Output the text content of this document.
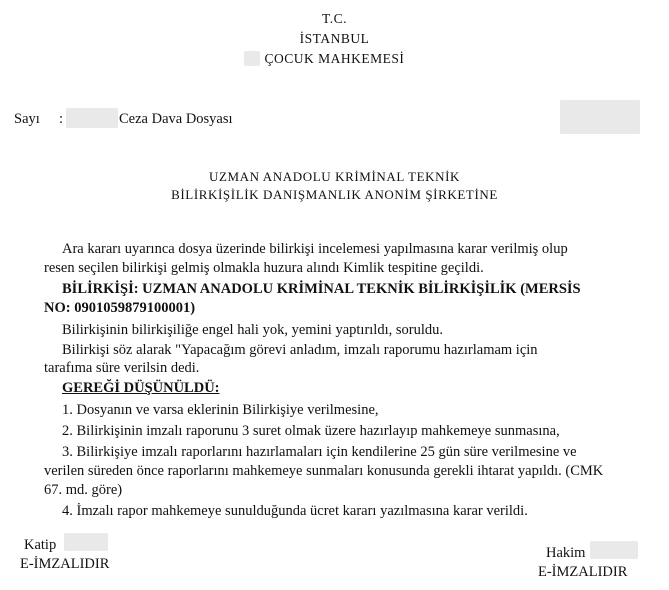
T.C.
İSTANBUL
ÇOCUK MAHKEMESİ
Sayı :	Ceza Dava Dosyası
UZMAN ANADOLU KRİMİNAL TEKNİK
BİLİRKİŞİLİK DANIŞMANLIK ANONİM ŞİRKETİNE
Ara kararı uyarınca dosya üzerinde bilirkişi incelemesi yapılmasına karar verilmiş olup
resen seçilen bilirkişi gelmiş olmakla huzura alındı Kimlik tespitine geçildi.
BİLİRKİŞİ: UZMAN ANADOLU KRİMİNAL TEKNİK BİLİRKİŞİLİK (MERSİS
NO: 0901059879100001)
Bilirkişinin bilirkişiliğe engel hali yok, yemini yaptırıldı, soruldu.
Bilirkişi söz alarak "Yapacağım görevi anladım, imzalı raporumu hazırlamam için
tarafıma süre verilsin dedi.
GEREĞİ DÜŞÜNÜLDÜ:
1. Dosyanın ve varsa eklerinin Bilirkişiye verilmesine,
2. Bilirkişinin imzalı raporunu 3 suret olmak üzere hazırlayıp mahkemeye sunmasına,
3. Bilirkişiye imzalı raporlarını hazırlamaları için kendilerine 25 gün süre verilmesine ve
verilen süreden önce raporlarını mahkemeye sunmaları konusunda gerekli ihtarat yapıldı. (CMK
67. md. göre)
4. İmzalı rapor mahkemeye sunulduğunda ücret kararı yazılmasına karar verildi.
Katip
E-İMZALIDIR
Hakim
E-İMZALIDIR
